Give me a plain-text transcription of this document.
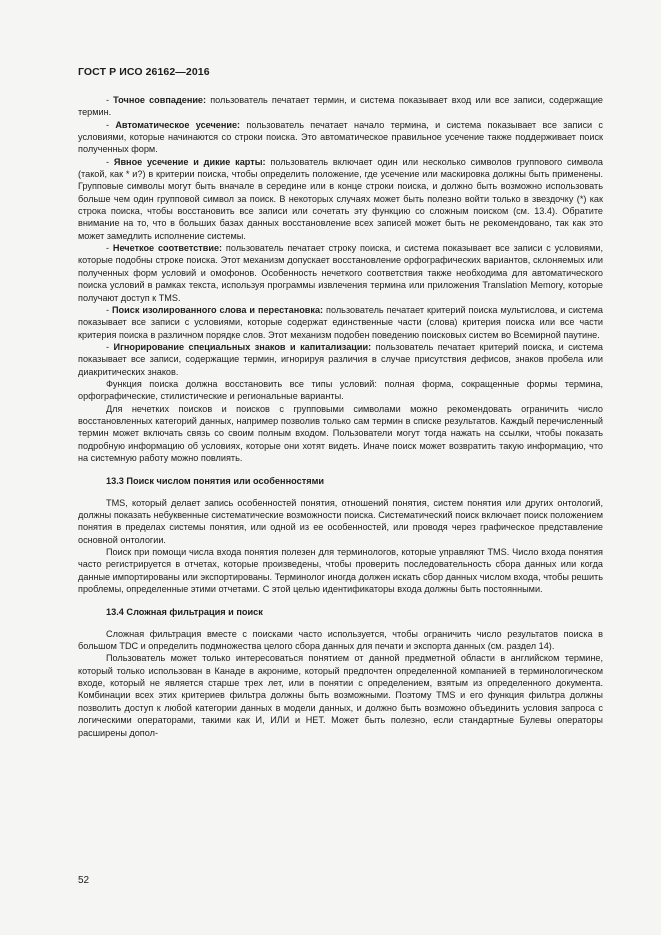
ГОСТ Р ИСО 26162—2016

- Точное совпадение: пользователь печатает термин, и система показывает вход или все записи, содержащие термин.

- Автоматическое усечение: пользователь печатает начало термина, и система показывает все записи с условиями, которые начинаются со строки поиска. Это автоматическое правильное усечение также поддерживает поиск полученных форм.

- Явное усечение и дикие карты: пользователь включает один или несколько символов группового символа (такой, как * и?) в критерии поиска, чтобы определить положение, где усечение или маскировка должны быть применены. Групповые символы могут быть вначале в середине или в конце строки поиска, и должно быть возможно использовать больше чем один групповой символ за поиск. В некоторых случаях может быть полезно войти только в звездочку (*) как строка поиска, чтобы восстановить все записи или сочетать эту функцию со сложным поиском (см. 13.4). Обратите внимание на то, что в больших базах данных восстановление всех записей может быть не рекомендовано, так как это может замедлить исполнение системы.

- Нечеткое соответствие: пользователь печатает строку поиска, и система показывает все записи с условиями, которые подобны строке поиска. Этот механизм допускает восстановление орфографических вариантов, склоняемых или полученных форм условий и омофонов. Особенность нечеткого соответствия также необходима для автоматического поиска условий в рамках текста, используя программы извлечения термина или приложения Translation Memory, которые получают доступ к TMS.

- Поиск изолированного слова и перестановка: пользователь печатает критерий поиска мультислова, и система показывает все записи с условиями, которые содержат единственные части (слова) критерия поиска или все части критерия поиска в различном порядке слов. Этот механизм подобен поведению поисковых систем во Всемирной паутине.

- Игнорирование специальных знаков и капитализации: пользователь печатает критерий поиска, и система показывает все записи, содержащие термин, игнорируя различия в случае присутствия дефисов, знаков пробела или диакритических знаков.

Функция поиска должна восстановить все типы условий: полная форма, сокращенные формы термина, орфографические, стилистические и региональные варианты.

Для нечетких поисков и поисков с групповыми символами можно рекомендовать ограничить число восстановленных категорий данных, например позволив только сам термин в списке результатов. Каждый перечисленный термин может включать связь со своим полным входом. Пользователи могут тогда нажать на ссылки, чтобы показать подробную информацию об условиях, которые они хотят видеть. Иначе поиск может возвратить такую информацию, что на системную работу можно повлиять.

13.3 Поиск числом понятия или особенностями

TMS, который делает запись особенностей понятия, отношений понятия, систем понятия или других онтологий, должны показать небуквенные систематические возможности поиска. Систематический поиск включает поиск положением понятия в пределах системы понятия, или одной из ее особенностей, или проводя через графическое представление основной онтологии.

Поиск при помощи числа входа понятия полезен для терминологов, которые управляют TMS. Число входа понятия часто регистрируется в отчетах, которые произведены, чтобы проверить последовательность сбора данных или когда данные импортированы или экспортированы. Терминолог иногда должен искать сбор данных числом входа, чтобы решить проблемы, определенные этими отчетами. С этой целью идентификаторы входа должны быть постоянными.

13.4 Сложная фильтрация и поиск

Сложная фильтрация вместе с поисками часто используется, чтобы ограничить число результатов поиска в большом TDC и определить подмножества целого сбора данных для печати и экспорта данных (см. раздел 14).

Пользователь может только интересоваться понятием от данной предметной области в английском термине, который только использован в Канаде в акрониме, который предпочтен определенной компанией в терминологическом входе, который не является старше трех лет, или в понятии с определением, взятым из определенного документа. Комбинации всех этих критериев фильтра должны быть возможными. Поэтому TMS и его функция фильтра должны позволить доступ к любой категории данных в модели данных, и должно быть возможно объединить условия запроса с логическими операторами, такими как И, ИЛИ и НЕТ. Может быть полезно, если стандартные Булевы операторы расширены допол-

52
